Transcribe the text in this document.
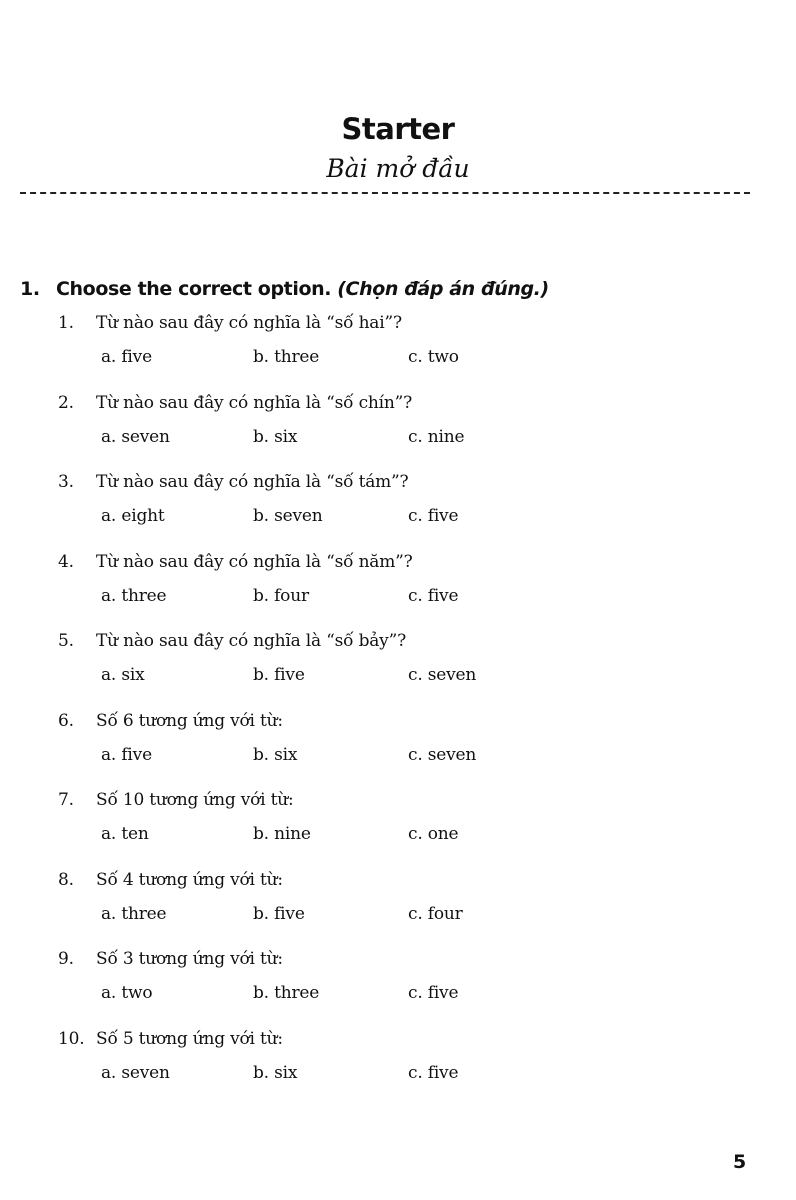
Starter
Bài mở đầu
1. Choose the correct option. (Chọn đáp án đúng.)
1.	Từ nào sau đây có nghĩa là “số hai”?
a. five	b. three	c. two
2.	Từ nào sau đây có nghĩa là “số chín”?
a. seven	b. six	c. nine
3.	Từ nào sau đây có nghĩa là “số tám”?
a. eight	b. seven	c. five
4.	Từ nào sau đây có nghĩa là “số năm”?
a. three	b. four	c. five
5.	Từ nào sau đây có nghĩa là “số bảy”?
a. six	b. five	c. seven
6.	Số 6 tương ứng với từ:
a. five	b. six	c. seven
7.	Số 10 tương ứng với từ:
a. ten	b. nine	c. one
8.	Số 4 tương ứng với từ:
a. three	b. five	c. four
9.	Số 3 tương ứng với từ:
a. two	b. three	c. five
10. Số 5 tương ứng với từ:
a. seven	b. six	c. five
5
